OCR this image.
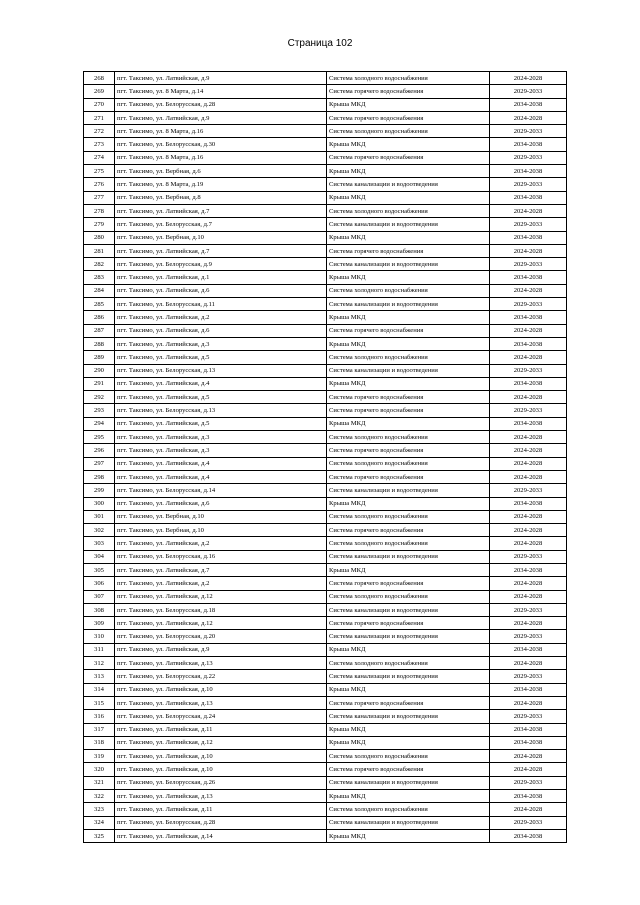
Страница 102
268	пгт. Таксимо, ул. Латвийская, д.9	Система холодного водоснабжения	2024-2028
269	пгт. Таксимо, ул. 8 Марта, д.14	Система горячего водоснабжения	2029-2033
270	пгт. Таксимо, ул. Белорусская, д.28	Крыша МКД	2034-2038
271	пгт. Таксимо, ул. Латвийская, д.9	Система горячего водоснабжения	2024-2028
272	пгт. Таксимо, ул. 8 Марта, д.16	Система холодного водоснабжения	2029-2033
273	пгт. Таксимо, ул. Белорусская, д.30	Крыша МКД	2034-2038
274	пгт. Таксимо, ул. 8 Марта, д.16	Система горячего водоснабжения	2029-2033
275	пгт. Таксимо, ул. Вербная, д.6	Крыша МКД	2034-2038
276	пгт. Таксимо, ул. 8 Марта, д.19	Система канализации и водоотведения	2029-2033
277	пгт. Таксимо, ул. Вербная, д.8	Крыша МКД	2034-2038
278	пгт. Таксимо, ул. Латвийская, д.7	Система холодного водоснабжения	2024-2028
279	пгт. Таксимо, ул. Белорусская, д.7	Система канализации и водоотведения	2029-2033
280	пгт. Таксимо, ул. Вербная, д.10	Крыша МКД	2034-2038
281	пгт. Таксимо, ул. Латвийская, д.7	Система горячего водоснабжения	2024-2028
282	пгт. Таксимо, ул. Белорусская, д.9	Система канализации и водоотведения	2029-2033
283	пгт. Таксимо, ул. Латвийская, д.1	Крыша МКД	2034-2038
284	пгт. Таксимо, ул. Латвийская, д.6	Система холодного водоснабжения	2024-2028
285	пгт. Таксимо, ул. Белорусская, д.11	Система канализации и водоотведения	2029-2033
286	пгт. Таксимо, ул. Латвийская, д.2	Крыша МКД	2034-2038
287	пгт. Таксимо, ул. Латвийская, д.6	Система горячего водоснабжения	2024-2028
288	пгт. Таксимо, ул. Латвийская, д.3	Крыша МКД	2034-2038
289	пгт. Таксимо, ул. Латвийская, д.5	Система холодного водоснабжения	2024-2028
290	пгт. Таксимо, ул. Белорусская, д.13	Система канализации и водоотведения	2029-2033
291	пгт. Таксимо, ул. Латвийская, д.4	Крыша МКД	2034-2038
292	пгт. Таксимо, ул. Латвийская, д.5	Система горячего водоснабжения	2024-2028
293	пгт. Таксимо, ул. Белорусская, д.13	Система горячего водоснабжения	2029-2033
294	пгт. Таксимо, ул. Латвийская, д.5	Крыша МКД	2034-2038
295	пгт. Таксимо, ул. Латвийская, д.3	Система холодного водоснабжения	2024-2028
296	пгт. Таксимо, ул. Латвийская, д.3	Система горячего водоснабжения	2024-2028
297	пгт. Таксимо, ул. Латвийская, д.4	Система холодного водоснабжения	2024-2028
298	пгт. Таксимо, ул. Латвийская, д.4	Система горячего водоснабжения	2024-2028
299	пгт. Таксимо, ул. Белорусская, д.14	Система канализации и водоотведения	2029-2033
300	пгт. Таксимо, ул. Латвийская, д.6	Крыша МКД	2034-2038
301	пгт. Таксимо, ул. Вербная, д.10	Система холодного водоснабжения	2024-2028
302	пгт. Таксимо, ул. Вербная, д.10	Система горячего водоснабжения	2024-2028
303	пгт. Таксимо, ул. Латвийская, д.2	Система холодного водоснабжения	2024-2028
304	пгт. Таксимо, ул. Белорусская, д.16	Система канализации и водоотведения	2029-2033
305	пгт. Таксимо, ул. Латвийская, д.7	Крыша МКД	2034-2038
306	пгт. Таксимо, ул. Латвийская, д.2	Система горячего водоснабжения	2024-2028
307	пгт. Таксимо, ул. Латвийская, д.12	Система холодного водоснабжения	2024-2028
308	пгт. Таксимо, ул. Белорусская, д.18	Система канализации и водоотведения	2029-2033
309	пгт. Таксимо, ул. Латвийская, д.12	Система горячего водоснабжения	2024-2028
310	пгт. Таксимо, ул. Белорусская, д.20	Система канализации и водоотведения	2029-2033
311	пгт. Таксимо, ул. Латвийская, д.9	Крыша МКД	2034-2038
312	пгт. Таксимо, ул. Латвийская, д.13	Система холодного водоснабжения	2024-2028
313	пгт. Таксимо, ул. Белорусская, д.22	Система канализации и водоотведения	2029-2033
314	пгт. Таксимо, ул. Латвийская, д.10	Крыша МКД	2034-2038
315	пгт. Таксимо, ул. Латвийская, д.13	Система горячего водоснабжения	2024-2028
316	пгт. Таксимо, ул. Белорусская, д.24	Система канализации и водоотведения	2029-2033
317	пгт. Таксимо, ул. Латвийская, д.11	Крыша МКД	2034-2038
318	пгт. Таксимо, ул. Латвийская, д.12	Крыша МКД	2034-2038
319	пгт. Таксимо, ул. Латвийская, д.10	Система холодного водоснабжения	2024-2028
320	пгт. Таксимо, ул. Латвийская, д.10	Система горячего водоснабжения	2024-2028
321	пгт. Таксимо, ул. Белорусская, д.26	Система канализации и водоотведения	2029-2033
322	пгт. Таксимо, ул. Латвийская, д.13	Крыша МКД	2034-2038
323	пгт. Таксимо, ул. Латвийская, д.11	Система холодного водоснабжения	2024-2028
324	пгт. Таксимо, ул. Белорусская, д.28	Система канализации и водоотведения	2029-2033
325	пгт. Таксимо, ул. Латвийская, д.14	Крыша МКД	2034-2038
